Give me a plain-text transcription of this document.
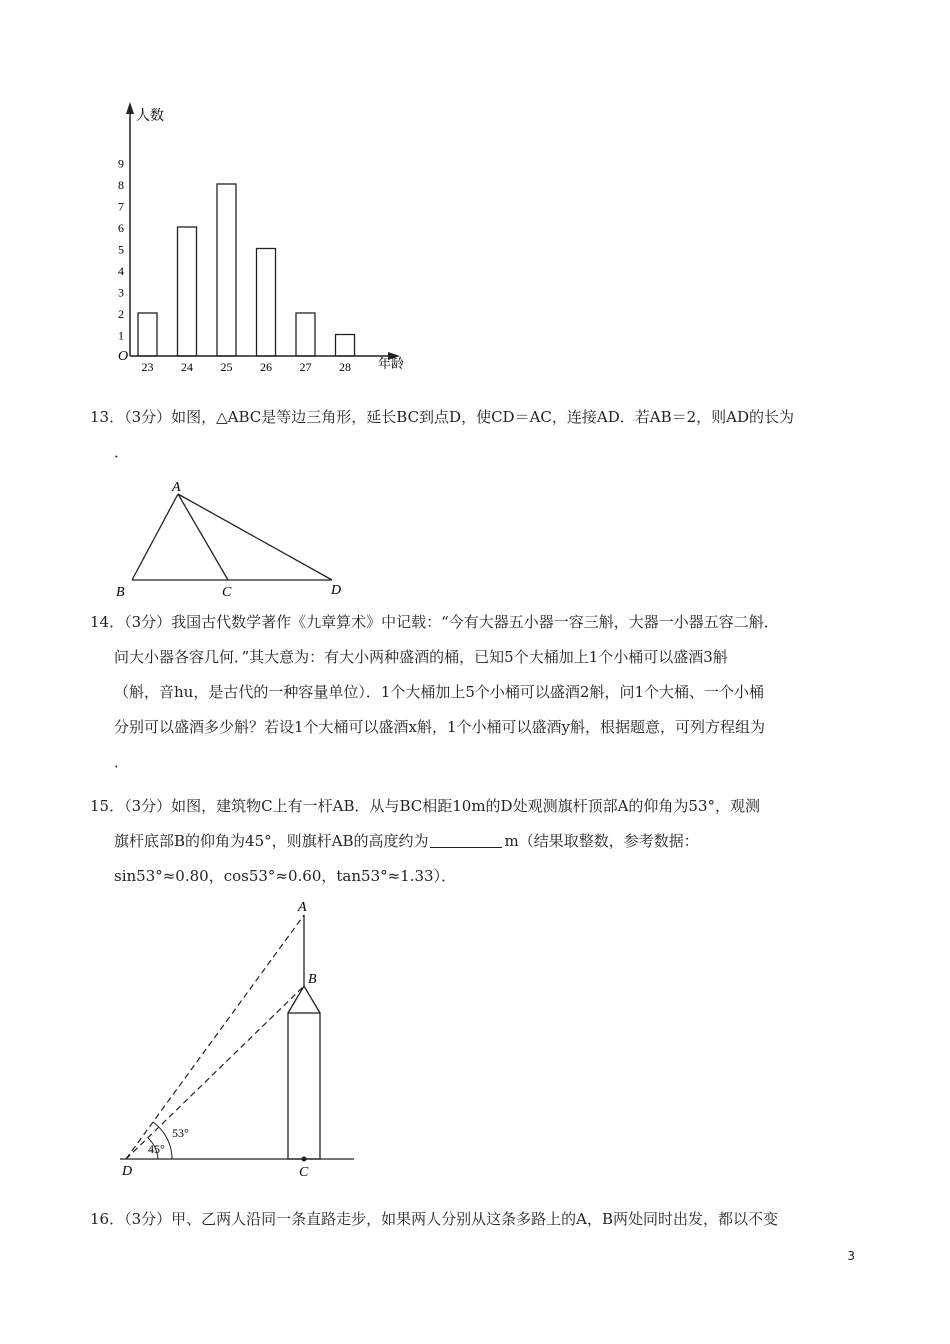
人数
年龄
O
1
2
3
4
5
6
7
8
9
23 24 25 26 27 28
13．（3分）如图，△ABC是等边三角形，延长BC到点D，使CD＝AC，连接AD．若AB＝2，则AD的长为
．
A
B	C	D
14．（3分）我国古代数学著作《九章算术》中记载：“今有大器五小器一容三斛，大器一小器五容二斛．
问大小器各容几何．”其大意为：有大小两种盛酒的桶，已知5个大桶加上1个小桶可以盛酒3斛
（斛，音hu，是古代的一种容量单位）．1个大桶加上5个小桶可以盛酒2斛，问1个大桶、一个小桶
分别可以盛酒多少斛？若设1个大桶可以盛酒x斛，1个小桶可以盛酒y斛，根据题意，可列方程组为
．
15．（3分）如图，建筑物C上有一杆AB．从与BC相距10m的D处观测旗杆顶部A的仰角为53°，观测
旗杆底部B的仰角为45°，则旗杆AB的高度约为	m（结果取整数，参考数据：
sin53°≈0.80，cos53°≈0.60，tan53°≈1.33）．
A
B
C
D
53°
45°
16．（3分）甲、乙两人沿同一条直路走步，如果两人分别从这条多路上的A，B两处同时出发，都以不变
3
